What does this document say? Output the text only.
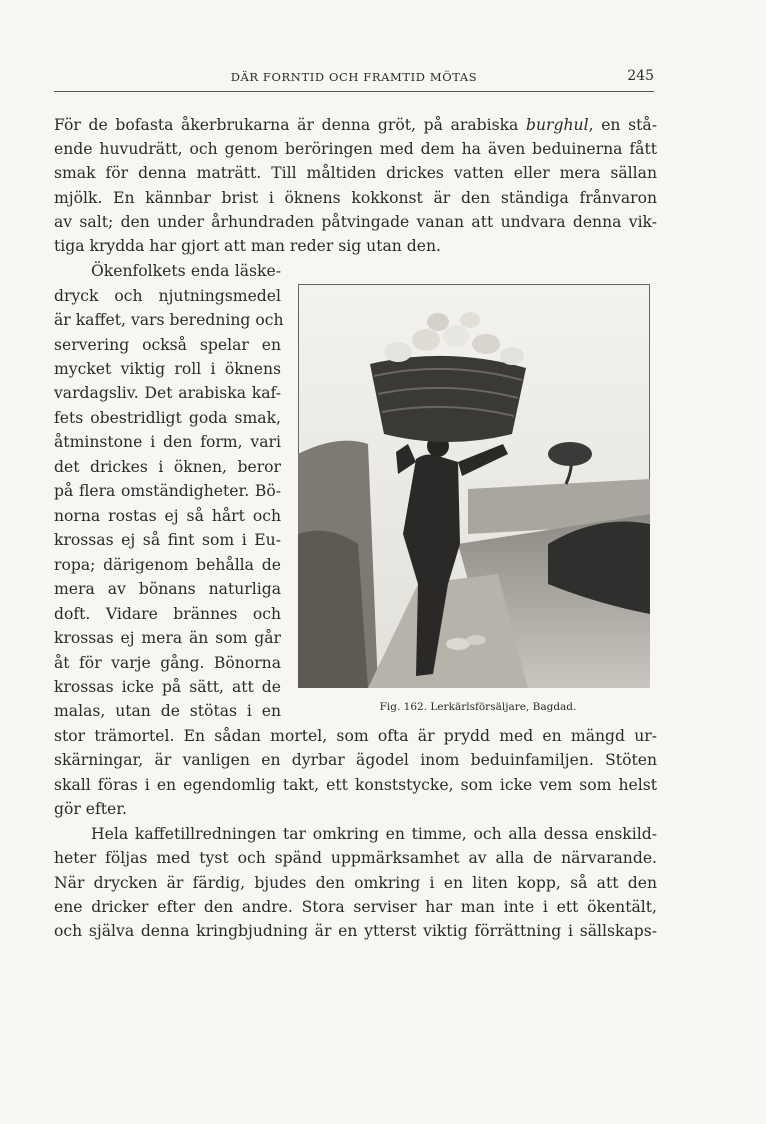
DÄR FORNTID OCH FRAMTID MÖTAS	245
För de bofasta åkerbrukarna är denna gröt, på arabiska burghul, en stå-
ende huvudrätt, och genom beröringen med dem ha även beduinerna fått
smak för denna maträtt. Till måltiden drickes vatten eller mera sällan
mjölk. En kännbar brist i öknens kokkonst är den ständiga frånvaron
av salt; den under århundraden påtvingade vanan att undvara denna vik-
tiga krydda har gjort att man reder sig utan den.
Ökenfolkets enda läske-
dryck och njutningsmedel
är kaffet, vars beredning och
servering också spelar en
mycket viktig roll i öknens
vardagsliv. Det arabiska kaf-
fets obestridligt goda smak,
åtminstone i den form, vari
det drickes i öknen, beror
på flera omständigheter. Bö-
norna rostas ej så hårt och
krossas ej så fint som i Eu-
ropa; därigenom behålla de
mera av bönans naturliga
doft. Vidare brännes och
krossas ej mera än som går
åt för varje gång. Bönorna
krossas icke på sätt, att de
malas, utan de stötas i en
stor trämortel. En sådan mortel, som ofta är prydd med en mängd ur-
skärningar, är vanligen en dyrbar ägodel inom beduinfamiljen. Stöten
skall föras i en egendomlig takt, ett konststycke, som icke vem som helst
gör efter.
Hela kaffetillredningen tar omkring en timme, och alla dessa enskild-
heter följas med tyst och spänd uppmärksamhet av alla de närvarande.
När drycken är färdig, bjudes den omkring i en liten kopp, så att den
ene dricker efter den andre. Stora serviser har man inte i ett ökentält,
och själva denna kringbjudning är en ytterst viktig förrättning i sällskaps-
Fig. 162. Lerkärlsförsäljare, Bagdad.
